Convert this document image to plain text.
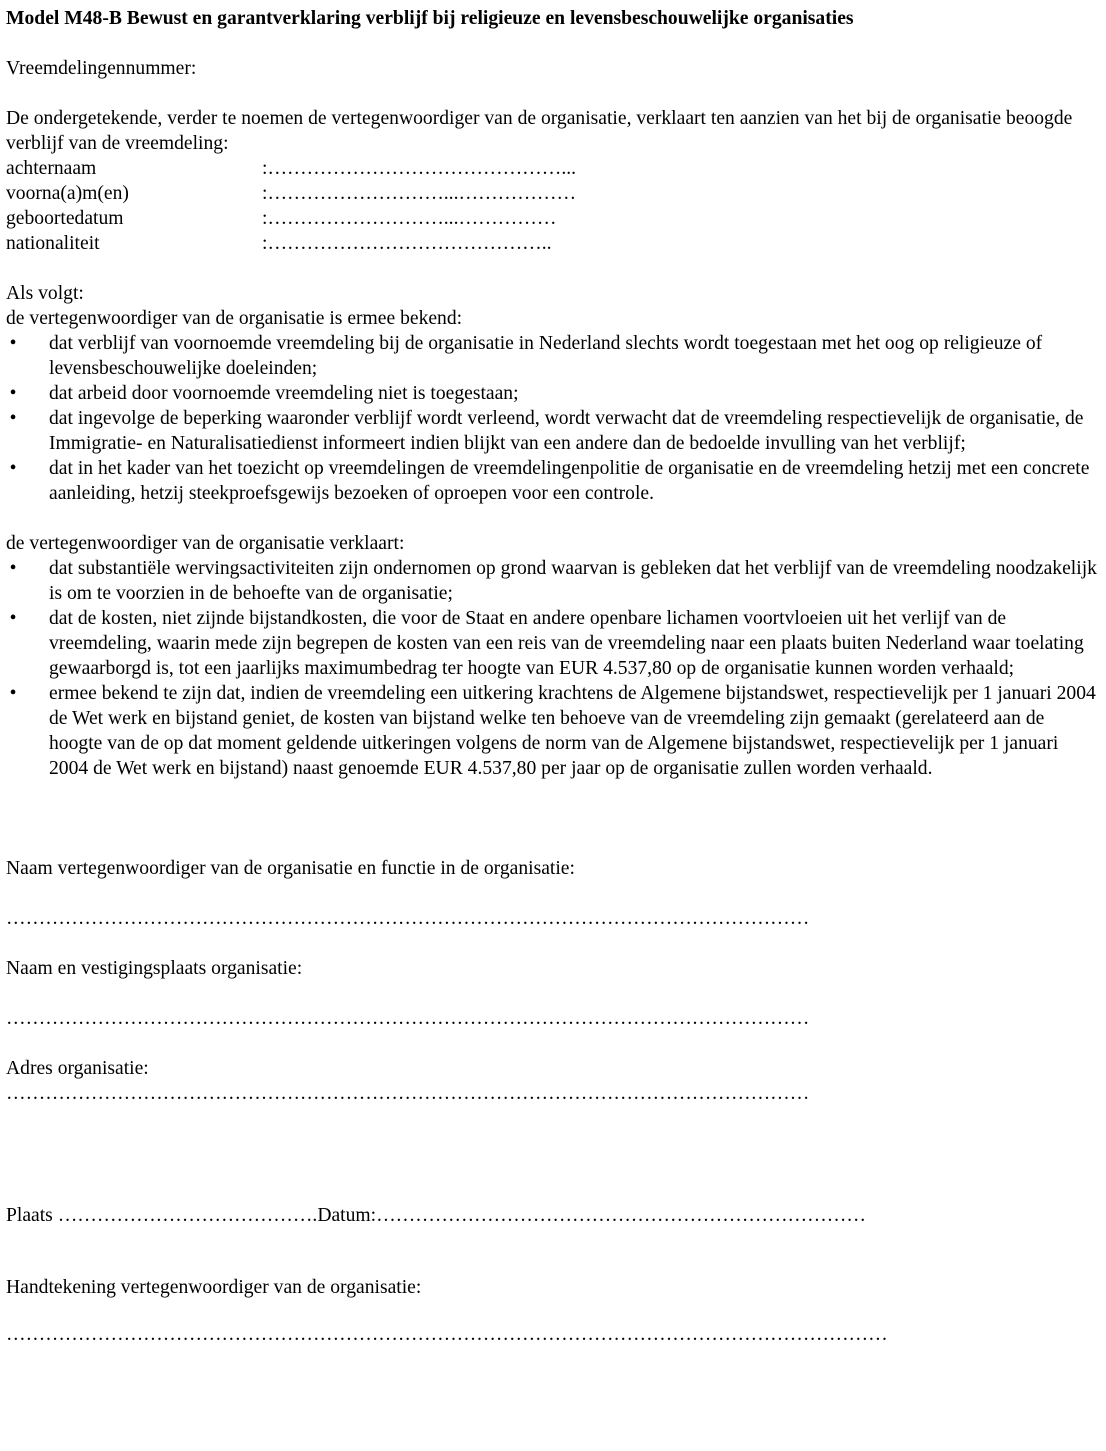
Model M48-B Bewust en garantverklaring verblijf bij religieuze en levensbeschouwelijke organisaties

Vreemdelingennummer:

De ondergetekende, verder te noemen de vertegenwoordiger van de organisatie, verklaart ten aanzien van het bij de organisatie beoogde verblijf van de vreemdeling:

achternaam	:………………………………………...
voorna(a)m(en)	:………………………...………………
geboortedatum	:………………………...……………
nationaliteit	:……………………………………..

Als volgt:

de vertegenwoordiger van de organisatie is ermee bekend:

• dat verblijf van voornoemde vreemdeling bij de organisatie in Nederland slechts wordt toegestaan met het oog op religieuze of levensbeschouwelijke doeleinden;
• dat arbeid door voornoemde vreemdeling niet is toegestaan;
• dat ingevolge de beperking waaronder verblijf wordt verleend, wordt verwacht dat de vreemdeling respectievelijk de organisatie, de Immigratie- en Naturalisatiedienst informeert indien blijkt van een andere dan de bedoelde invulling van het verblijf;
• dat in het kader van het toezicht op vreemdelingen de vreemdelingenpolitie de organisatie en de vreemdeling hetzij met een concrete aanleiding, hetzij steekproefsgewijs bezoeken of oproepen voor een controle.

de vertegenwoordiger van de organisatie verklaart:

• dat substantiële wervingsactiviteiten zijn ondernomen op grond waarvan is gebleken dat het verblijf van de vreemdeling noodzakelijk is om te voorzien in de behoefte van de organisatie;
• dat de kosten, niet zijnde bijstandkosten, die voor de Staat en andere openbare lichamen voortvloeien uit het verlijf van de vreemdeling, waarin mede zijn begrepen de kosten van een reis van de vreemdeling naar een plaats buiten Nederland waar toelating gewaarborgd is, tot een jaarlijks maximumbedrag ter hoogte van EUR 4.537,80 op de organisatie kunnen worden verhaald;
• ermee bekend te zijn dat, indien de vreemdeling een uitkering krachtens de Algemene bijstandswet, respectievelijk per 1 januari 2004 de Wet werk en bijstand geniet, de kosten van bijstand welke ten behoeve van de vreemdeling zijn gemaakt (gerelateerd aan de hoogte van de op dat moment geldende uitkeringen volgens de norm van de Algemene bijstandswet, respectievelijk per 1 januari 2004 de Wet werk en bijstand) naast genoemde EUR 4.537,80 per jaar op de organisatie zullen worden verhaald.

Naam vertegenwoordiger van de organisatie en functie in de organisatie:

……………………………………………………………………………………………………………

Naam en vestigingsplaats organisatie:

……………………………………………………………………………………………………………

Adres organisatie:

……………………………………………………………………………………………………………

Plaats ………………………………….Datum:…………………………………………………………………

Handtekening vertegenwoordiger van de organisatie:

………………………………………………………………………………………………………………………
